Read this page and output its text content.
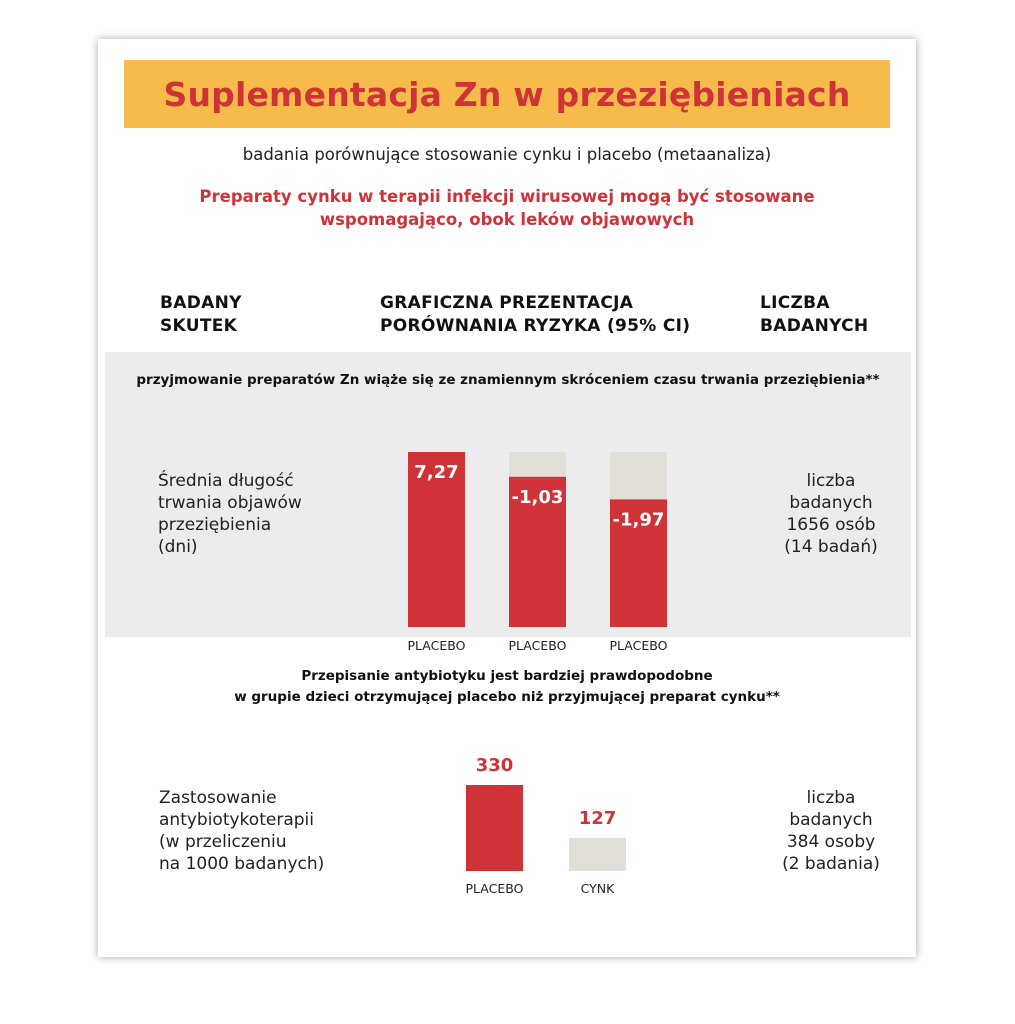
Suplementacja Zn w przeziębieniach
badania porównujące stosowanie cynku i placebo (metaanaliza)
Preparaty cynku w terapii infekcji wirusowej mogą być stosowane
wspomagająco, obok leków objawowych
BADANY
SKUTEK
GRAFICZNA PREZENTACJA
PORÓWNANIA RYZYKA (95% CI)
LICZBA
BADANYCH
przyjmowanie preparatów Zn wiąże się ze znamiennym skróceniem czasu trwania przeziębienia**
Średnia długość
trwania objawów
przeziębienia
(dni)
liczba
badanych
1656 osób
(14 badań)
7,27
PLACEBO
-1,03
PLACEBO
-1,97
PLACEBO
Przepisanie antybiotyku jest bardziej prawdopodobne
w grupie dzieci otrzymującej placebo niż przyjmującej preparat cynku**
Zastosowanie
antybiotykoterapii
(w przeliczeniu
na 1000 badanych)
liczba
badanych
384 osoby
(2 badania)
330
PLACEBO
127
CYNK
